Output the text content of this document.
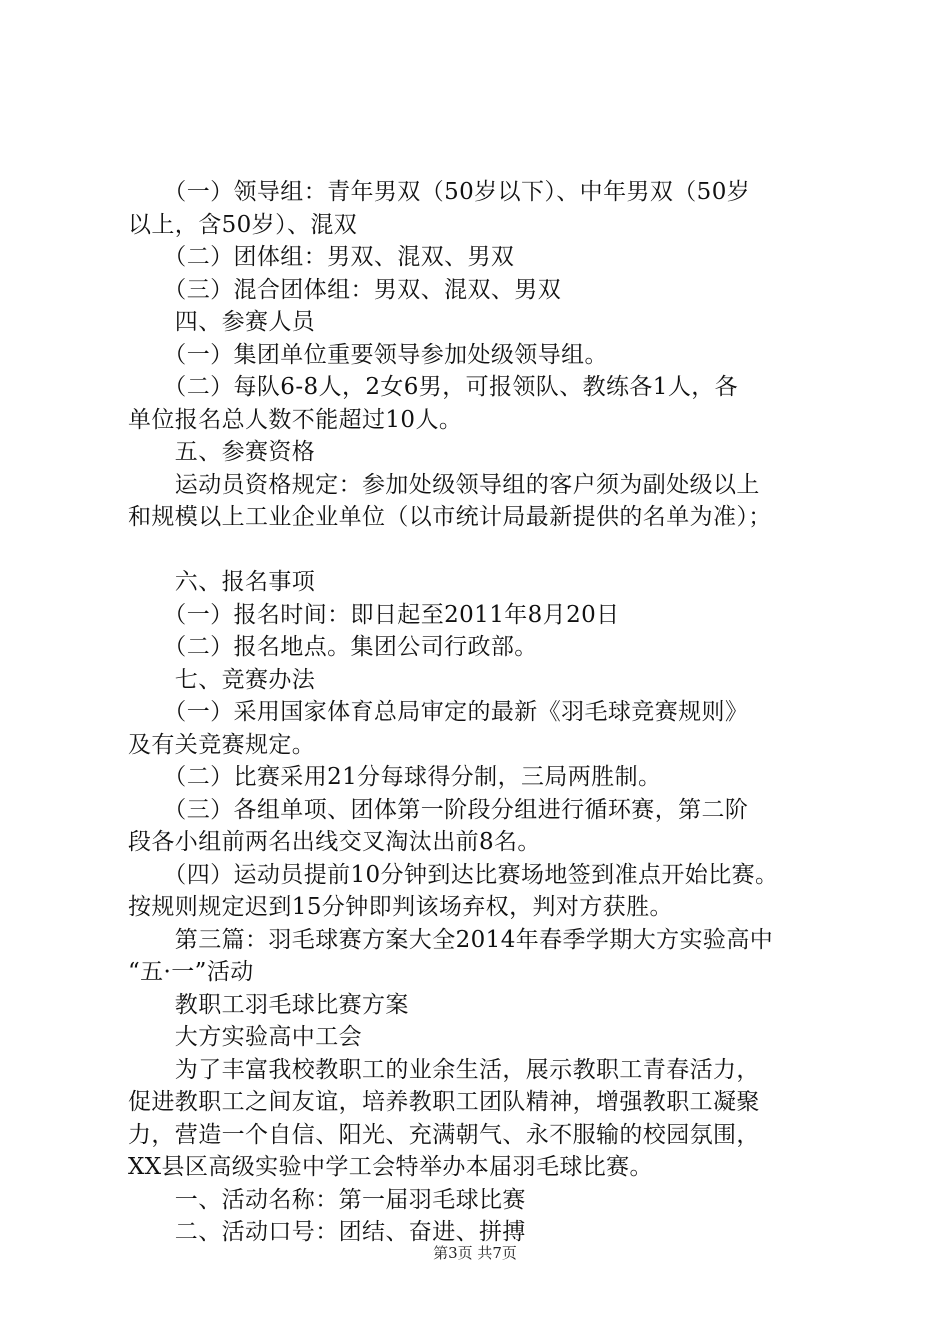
　　（一）领导组：青年男双（50岁以下）、中年男双（50岁
以上，含50岁）、混双
　　（二）团体组：男双、混双、男双
　　（三）混合团体组：男双、混双、男双
　　四、参赛人员
　　（一）集团单位重要领导参加处级领导组。
　　（二）每队6-8人，2女6男，可报领队、教练各1人，各
单位报名总人数不能超过10人。
　　五、参赛资格
　　运动员资格规定：参加处级领导组的客户须为副处级以上
和规模以上工业企业单位（以市统计局最新提供的名单为准）；
　　六、报名事项
　　（一）报名时间：即日起至2011年8月20日
　　（二）报名地点。集团公司行政部。
　　七、竞赛办法
　　（一）采用国家体育总局审定的最新《羽毛球竞赛规则》
及有关竞赛规定。
　　（二）比赛采用21分每球得分制，三局两胜制。
　　（三）各组单项、团体第一阶段分组进行循环赛，第二阶
段各小组前两名出线交叉淘汰出前8名。
　　（四）运动员提前10分钟到达比赛场地签到准点开始比赛。
按规则规定迟到15分钟即判该场弃权，判对方获胜。
　　第三篇：羽毛球赛方案大全2014年春季学期大方实验高中
“五·一”活动
　　教职工羽毛球比赛方案
　　大方实验高中工会
　　为了丰富我校教职工的业余生活，展示教职工青春活力，
促进教职工之间友谊，培养教职工团队精神，增强教职工凝聚
力，营造一个自信、阳光、充满朝气、永不服输的校园氛围，
XX县区高级实验中学工会特举办本届羽毛球比赛。
　　一、活动名称：第一届羽毛球比赛
　　二、活动口号：团结、奋进、拼搏
第3页 共7页
